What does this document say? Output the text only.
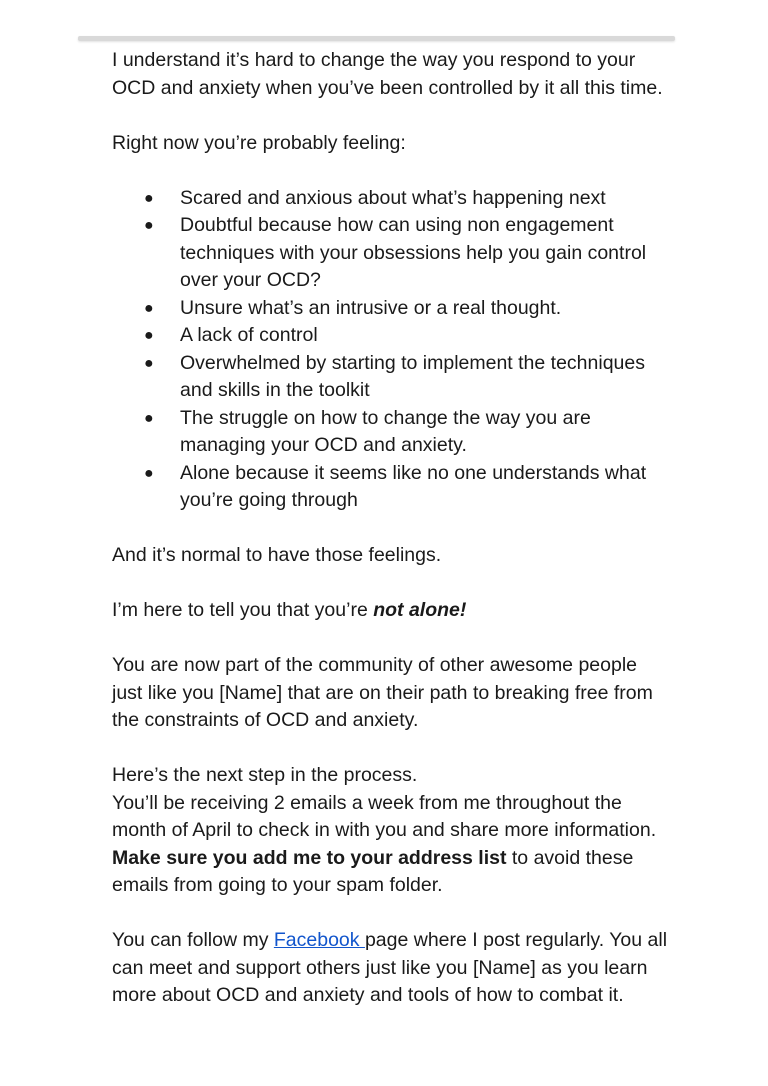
I understand it’s hard to change the way you respond to your OCD and anxiety when you’ve been controlled by it all this time.

Right now you’re probably feeling:

● Scared and anxious about what’s happening next
● Doubtful because how can using non engagement techniques with your obsessions help you gain control over your OCD?
● Unsure what’s an intrusive or a real thought.
● A lack of control
● Overwhelmed by starting to implement the techniques and skills in the toolkit
● The struggle on how to change the way you are managing your OCD and anxiety.
● Alone because it seems like no one understands what you’re going through

And it’s normal to have those feelings.

I’m here to tell you that you’re not alone!

You are now part of the community of other awesome people just like you [Name] that are on their path to breaking free from the constraints of OCD and anxiety.

Here’s the next step in the process.
You’ll be receiving 2 emails a week from me throughout the month of April to check in with you and share more information. Make sure you add me to your address list to avoid these emails from going to your spam folder.

You can follow my Facebook page where I post regularly. You all can meet and support others just like you [Name] as you learn more about OCD and anxiety and tools of how to combat it.
